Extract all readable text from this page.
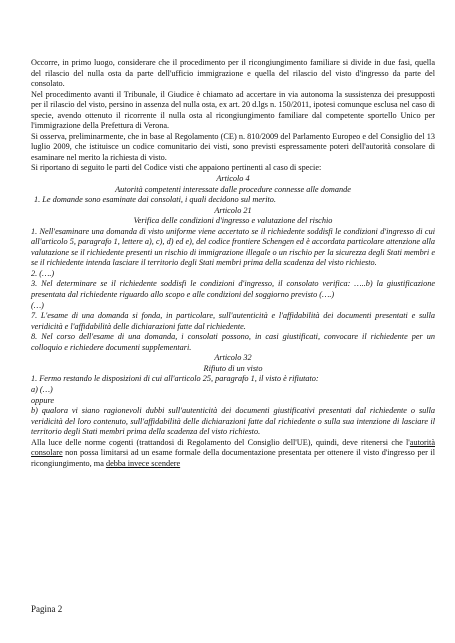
Occorre, in primo luogo, considerare che il procedimento per il ricongiungimento familiare si divide in due fasi, quella del rilascio del nulla osta da parte dell'ufficio immigrazione e quella del rilascio del visto d'ingresso da parte del consolato.

Nel procedimento avanti il Tribunale, il Giudice è chiamato ad accertare in via autonoma la sussistenza dei presupposti per il rilascio del visto, persino in assenza del nulla osta, ex art. 20 d.lgs n. 150/2011, ipotesi comunque esclusa nel caso di specie, avendo ottenuto il ricorrente il nulla osta al ricongiungimento familiare dal competente sportello Unico per l'immigrazione della Prefettura di Verona.

Si osserva, preliminarmente, che in base al Regolamento (CE) n. 810/2009 del Parlamento Europeo e del Consiglio del 13 luglio 2009, che istituisce un codice comunitario dei visti, sono previsti espressamente poteri dell'autorità consolare di esaminare nel merito la richiesta di visto.

Si riportano di seguito le parti del Codice visti che appaiono pertinenti al caso di specie:

Articolo 4

Autorità competenti interessate dalle procedure connesse alle domande

1. Le domande sono esaminate dai consolati, i quali decidono sul merito.

Articolo 21

Verifica delle condizioni d'ingresso e valutazione del rischio

1. Nell'esaminare una domanda di visto uniforme viene accertato se il richiedente soddisfi le condizioni d'ingresso di cui all'articolo 5, paragrafo 1, lettere a), c), d) ed e), del codice frontiere Schengen ed è accordata particolare attenzione alla valutazione se il richiedente presenti un rischio di immigrazione illegale o un rischio per la sicurezza degli Stati membri e se il richiedente intenda lasciare il territorio degli Stati membri prima della scadenza del visto richiesto.

2. (….)

3. Nel determinare se il richiedente soddisfi le condizioni d'ingresso, il consolato verifica: …..b) la giustificazione presentata dal richiedente riguardo allo scopo e alle condizioni del soggiorno previsto (….)

(…)

7. L'esame di una domanda si fonda, in particolare, sull'autenticità e l'affidabilità dei documenti presentati e sulla veridicità e l'affidabilità delle dichiarazioni fatte dal richiedente.

8. Nel corso dell'esame di una domanda, i consolati possono, in casi giustificati, convocare il richiedente per un colloquio e richiedere documenti supplementari.

Articolo 32

Rifiuto di un visto

1. Fermo restando le disposizioni di cui all'articolo 25, paragrafo 1, il visto è rifiutato:

a) (…)

oppure

b) qualora vi siano ragionevoli dubbi sull'autenticità dei documenti giustificativi presentati dal richiedente o sulla veridicità del loro contenuto, sull'affidabilità delle dichiarazioni fatte dal richiedente o sulla sua intenzione di lasciare il territorio degli Stati membri prima della scadenza del visto richiesto.

Alla luce delle norme cogenti (trattandosi di Regolamento del Consiglio dell'UE), quindi, deve ritenersi che l'autorità consolare non possa limitarsi ad un esame formale della documentazione presentata per ottenere il visto d'ingresso per il ricongiungimento, ma debba invece scendere

Pagina 2
